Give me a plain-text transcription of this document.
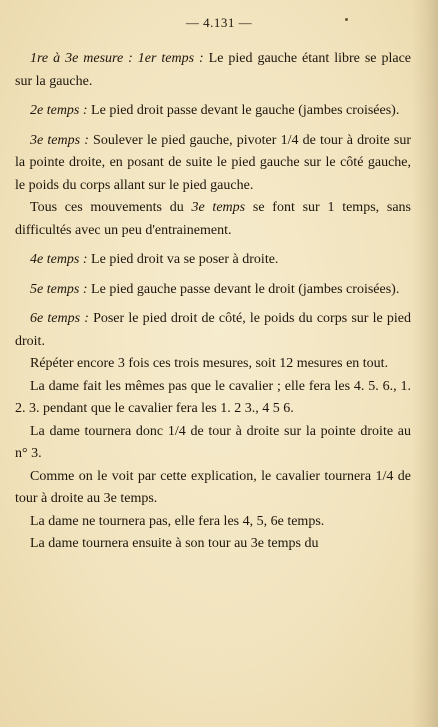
— 4.131 —

1re à 3e mesure : 1er temps : Le pied gauche étant libre se place sur la gauche.

2e temps : Le pied droit passe devant le gauche (jambes croisées).

3e temps : Soulever le pied gauche, pivoter 1/4 de tour à droite sur la pointe droite, en posant de suite le pied gauche sur le côté gauche, le poids du corps allant sur le pied gauche.

Tous ces mouvements du 3e temps se font sur 1 temps, sans difficultés avec un peu d'entrainement.

4e temps : Le pied droit va se poser à droite.

5e temps : Le pied gauche passe devant le droit (jambes croisées).

6e temps : Poser le pied droit de côté, le poids du corps sur le pied droit.

Répéter encore 3 fois ces trois mesures, soit 12 mesures en tout.

La dame fait les mêmes pas que le cavalier ; elle fera les 4. 5. 6., 1. 2. 3. pendant que le cavalier fera les 1. 2 3., 4 5 6.

La dame tournera donc 1/4 de tour à droite sur la pointe droite au n° 3.

Comme on le voit par cette explication, le cavalier tournera 1/4 de tour à droite au 3e temps.

La dame ne tournera pas, elle fera les 4, 5, 6e temps.

La dame tournera ensuite à son tour au 3e temps du
